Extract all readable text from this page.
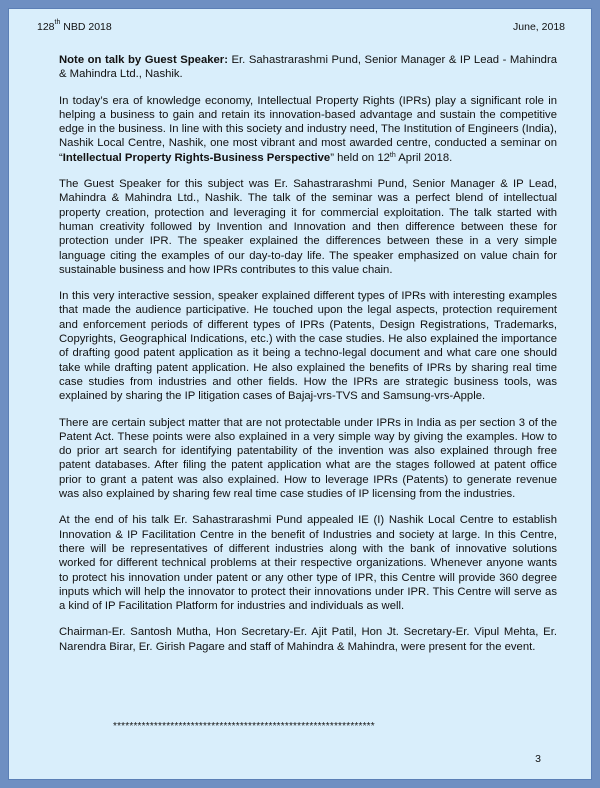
128th NBD 2018	June, 2018

Note on talk by Guest Speaker: Er. Sahastrarashmi Pund, Senior Manager & IP Lead - Mahindra & Mahindra Ltd., Nashik.

In today’s era of knowledge economy, Intellectual Property Rights (IPRs) play a significant role in helping a business to gain and retain its innovation-based advantage and sustain the competitive edge in the business. In line with this society and industry need, The Institution of Engineers (India), Nashik Local Centre, Nashik, one most vibrant and most awarded centre, conducted a seminar on “Intellectual Property Rights-Business Perspective” held on 12th April 2018.

The Guest Speaker for this subject was Er. Sahastrarashmi Pund, Senior Manager & IP Lead, Mahindra & Mahindra Ltd., Nashik. The talk of the seminar was a perfect blend of intellectual property creation, protection and leveraging it for commercial exploitation. The talk started with human creativity followed by Invention and Innovation and then difference between these for protection under IPR. The speaker explained the differences between these in a very simple language citing the examples of our day-to-day life. The speaker emphasized on value chain for sustainable business and how IPRs contributes to this value chain.

In this very interactive session, speaker explained different types of IPRs with interesting examples that made the audience participative. He touched upon the legal aspects, protection requirement and enforcement periods of different types of IPRs (Patents, Design Registrations, Trademarks, Copyrights, Geographical Indications, etc.) with the case studies. He also explained the importance of drafting good patent application as it being a techno-legal document and what care one should take while drafting patent application. He also explained the benefits of IPRs by sharing real time case studies from industries and other fields. How the IPRs are strategic business tools, was explained by sharing the IP litigation cases of Bajaj-vrs-TVS and Samsung-vrs-Apple.

There are certain subject matter that are not protectable under IPRs in India as per section 3 of the Patent Act. These points were also explained in a very simple way by giving the examples. How to do prior art search for identifying patentability of the invention was also explained through free patent databases. After filing the patent application what are the stages followed at patent office prior to grant a patent was also explained. How to leverage IPRs (Patents) to generate revenue was also explained by sharing few real time case studies of IP licensing from the industries.

At the end of his talk Er. Sahastrarashmi Pund appealed IE (I) Nashik Local Centre to establish Innovation & IP Facilitation Centre in the benefit of Industries and society at large. In this Centre, there will be representatives of different industries along with the bank of innovative solutions worked for different technical problems at their respective organizations. Whenever anyone wants to protect his innovation under patent or any other type of IPR, this Centre will provide 360 degree inputs which will help the innovator to protect their innovations under IPR. This Centre will serve as a kind of IP Facilitation Platform for industries and individuals as well.

Chairman-Er. Santosh Mutha, Hon Secretary-Er. Ajit Patil, Hon Jt. Secretary-Er. Vipul Mehta, Er. Narendra Birar, Er. Girish Pagare and staff of Mahindra & Mahindra, were present for the event.

****************************************************************
3
